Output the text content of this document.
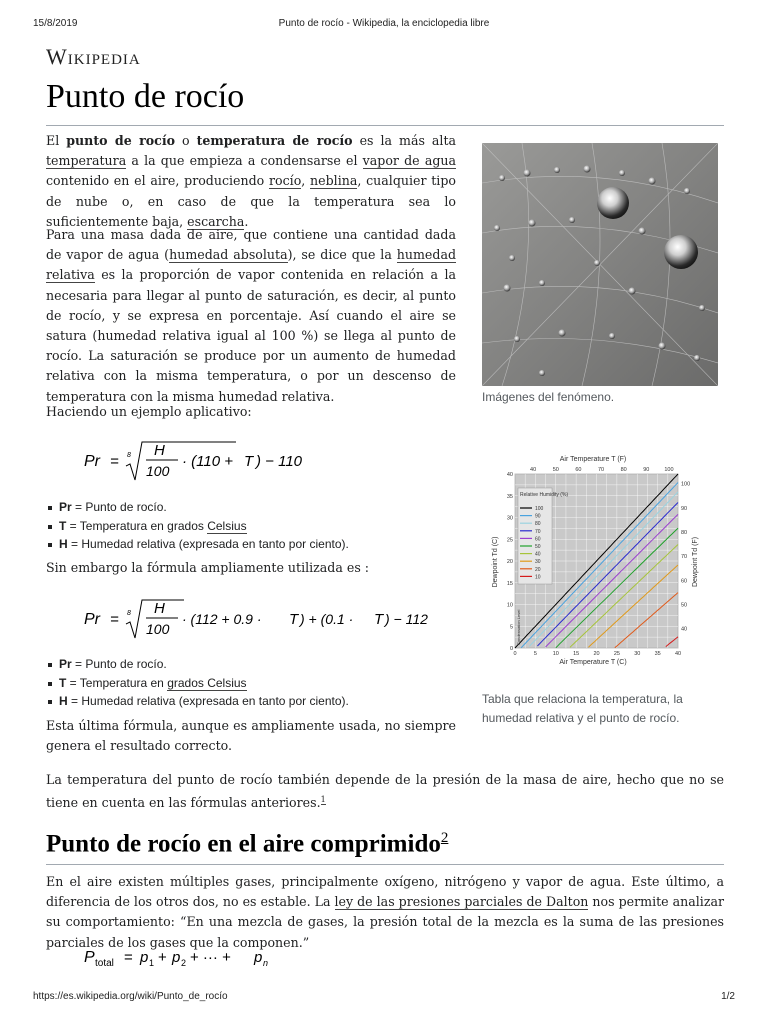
15/8/2019	Punto de rocío - Wikipedia, la enciclopedia libre
Wikipedia
Punto de rocío

El punto de rocío o temperatura de rocío es la más alta temperatura a la que empieza a condensarse el vapor de agua contenido en el aire, produciendo rocío, neblina, cualquier tipo de nube o, en caso de que la temperatura sea lo suficientemente baja, escarcha.

Para una masa dada de aire, que contiene una cantidad dada de vapor de agua (humedad absoluta), se dice que la humedad relativa es la proporción de vapor contenida en relación a la necesaria para llegar al punto de saturación, es decir, al punto de rocío, y se expresa en porcentaje. Así cuando el aire se satura (humedad relativa igual al 100 %) se llega al punto de rocío. La saturación se produce por un aumento de humedad relativa con la misma temperatura, o por un descenso de temperatura con la misma humedad relativa.	Imágenes del fenómeno.

Haciendo un ejemplo aplicativo:

Pr = 8 H
100
· (110 + T ) − 110
Pr = Punto de rocío.
T = Temperatura en grados Celsius
H = Humedad relativa (expresada en tanto por ciento).

Sin embargo la fórmula ampliamente utilizada es :

Pr = 8 H
100
· (112 + 0.9 · T ) + (0.1 · T ) − 112
Pr = Punto de rocío.
T = Temperatura en grados Celsius
H = Humedad relativa (expresada en tanto por ciento).

Esta última fórmula, aunque es ampliamente usada, no siempre genera el resultado correcto.

Air Temperature T (F)
Air Temperature T (C)
Dewpoint Td (C)	Dewpoint Td (F)
0	5	10	15	20	25	30	35	40
0
5
10
15
20
25
30
35
40
40	50	60	70	80	90	100
40
50
60
70
80
90
100
Relative Humidity (%)
100
90
80
70
60
50
40
30
20
10
Condensation Level
Tabla que relaciona la temperatura, la humedad relativa y el punto de rocío.

La temperatura del punto de rocío también depende de la presión de la masa de aire, hecho que no se tiene en cuenta en las fórmulas anteriores.$^1$

Punto de rocío en el aire comprimido$^2$

En el aire existen múltiples gases, principalmente oxígeno, nitrógeno y vapor de agua. Este último, a diferencia de los otros dos, no es estable. La ley de las presiones parciales de Dalton nos permite analizar su comportamiento: “En una mezcla de gases, la presión total de la mezcla es la suma de las presiones parciales de los gases que la componen.”

P total = p 1 + p 2 + ··· + p n
https://es.wikipedia.org/wiki/Punto_de_rocío	1/2
